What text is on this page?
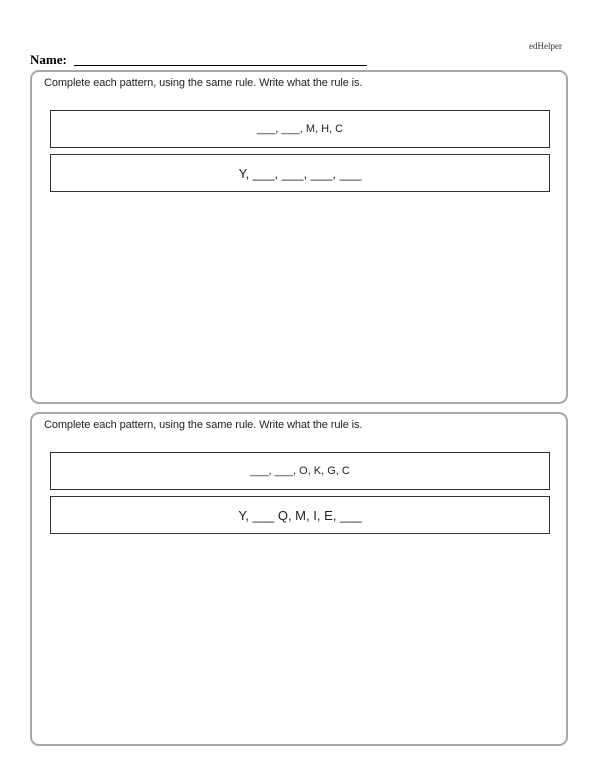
edHelper
Name:
Complete each pattern, using the same rule. Write what the rule is.
___, ___, M, H, C
Y, ___, ___, ___, ___
Complete each pattern, using the same rule. Write what the rule is.
___, ___, O, K, G, C
Y, ___ Q, M, I, E, ___
